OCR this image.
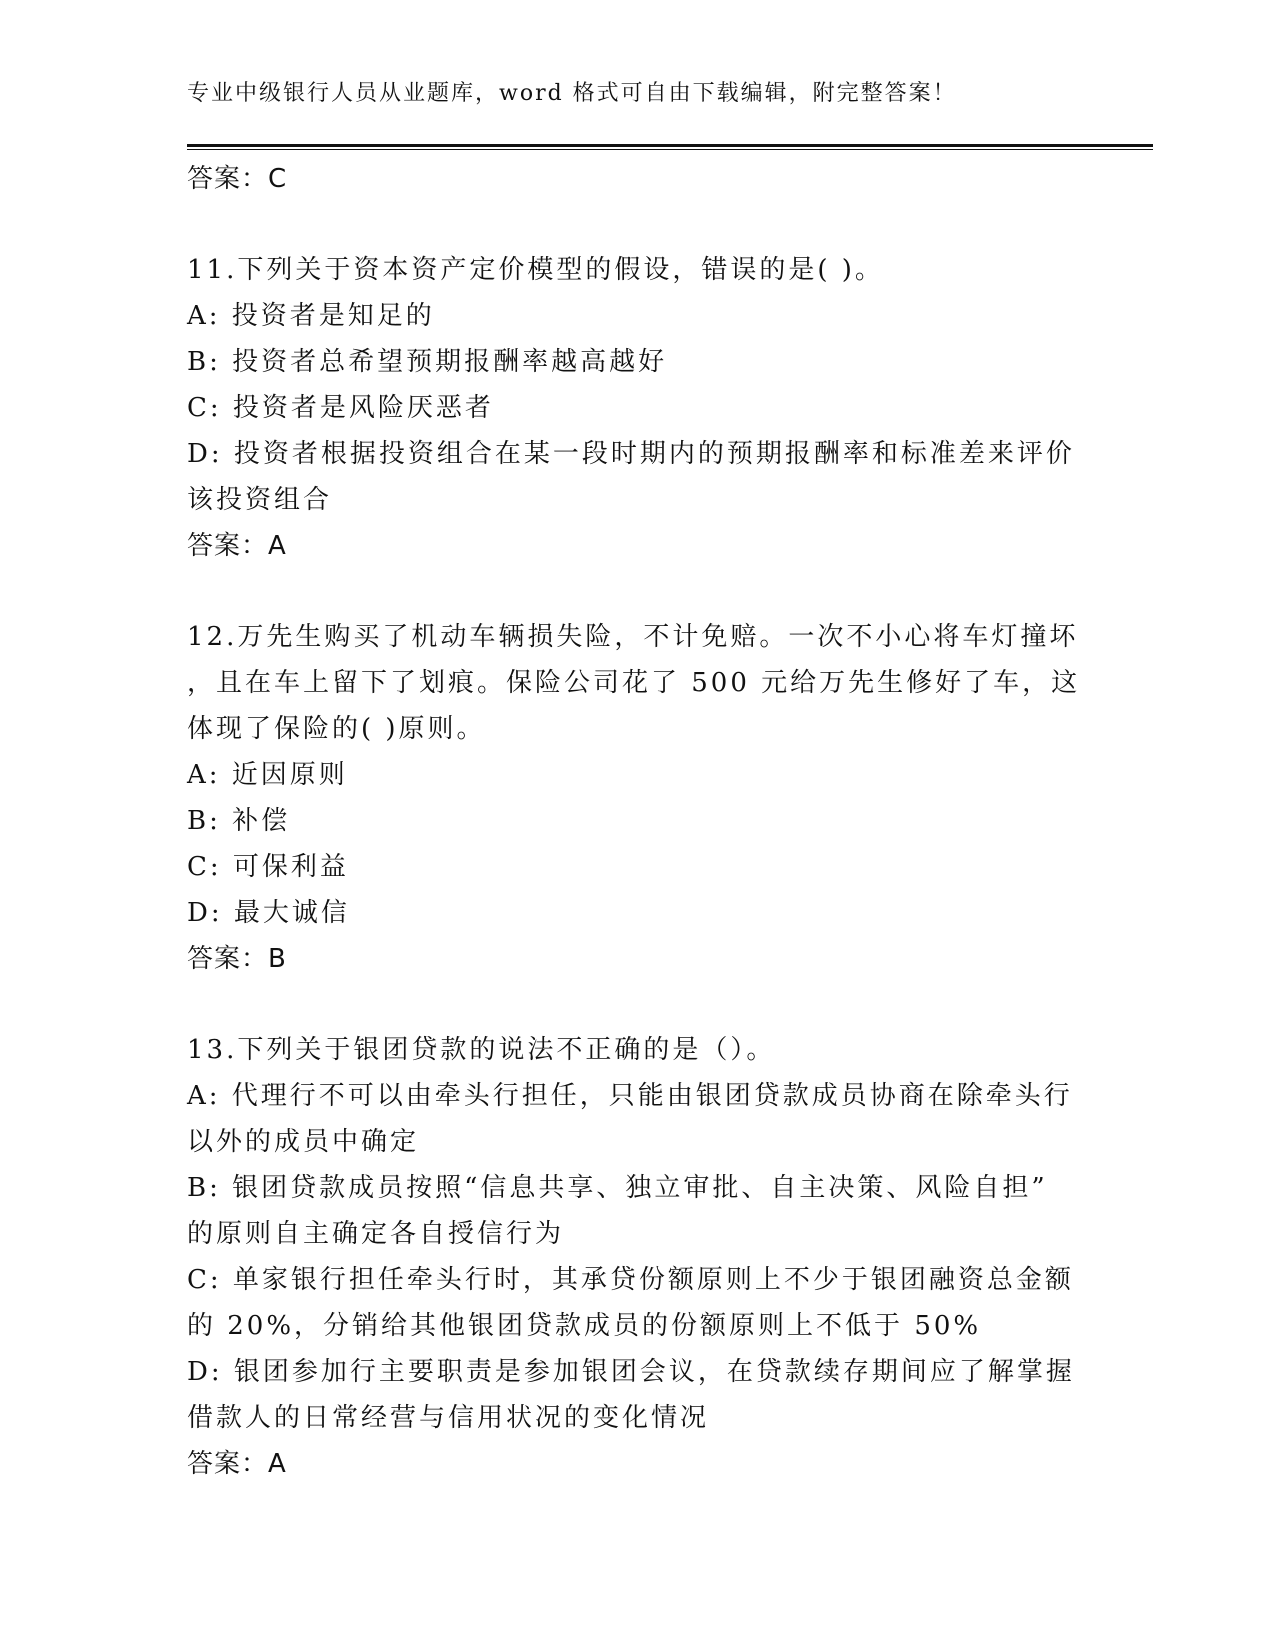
专业中级银行人员从业题库，word 格式可自由下载编辑，附完整答案！
答案：C
11.下列关于资本资产定价模型的假设，错误的是( )。
A: 投资者是知足的
B: 投资者总希望预期报酬率越高越好
C: 投资者是风险厌恶者
D: 投资者根据投资组合在某一段时期内的预期报酬率和标准差来评价
该投资组合
答案：A
12.万先生购买了机动车辆损失险，不计免赔。一次不小心将车灯撞坏
，且在车上留下了划痕。保险公司花了 500 元给万先生修好了车，这
体现了保险的( )原则。
A: 近因原则
B: 补偿
C: 可保利益
D: 最大诚信
答案：B
13.下列关于银团贷款的说法不正确的是（）。
A: 代理行不可以由牵头行担任，只能由银团贷款成员协商在除牵头行
以外的成员中确定
B: 银团贷款成员按照“信息共享、独立审批、自主决策、风险自担”
的原则自主确定各自授信行为
C: 单家银行担任牵头行时，其承贷份额原则上不少于银团融资总金额
的 20%，分销给其他银团贷款成员的份额原则上不低于 50%
D: 银团参加行主要职责是参加银团会议，在贷款续存期间应了解掌握
借款人的日常经营与信用状况的变化情况
答案：A
